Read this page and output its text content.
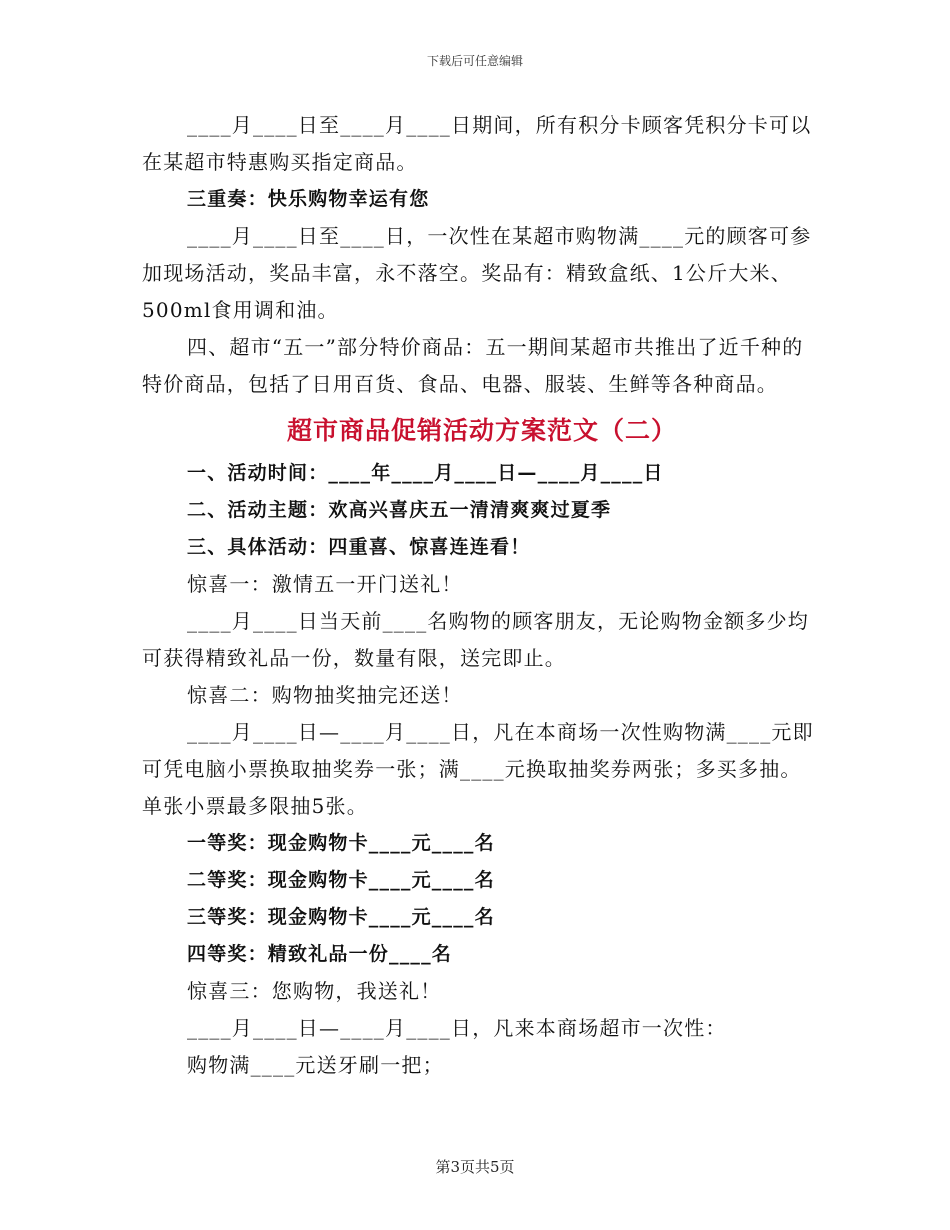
下载后可任意编辑

____月____日至____月____日期间，所有积分卡顾客凭积分卡可以在某超市特惠购买指定商品。

三重奏：快乐购物幸运有您

____月____日至____日，一次性在某超市购物满____元的顾客可参加现场活动，奖品丰富，永不落空。奖品有：精致盒纸、1公斤大米、500ml食用调和油。

四、超市“五一”部分特价商品：五一期间某超市共推出了近千种的特价商品，包括了日用百货、食品、电器、服装、生鲜等各种商品。

超市商品促销活动方案范文（二）

一、活动时间：____年____月____日—____月____日

二、活动主题：欢高兴喜庆五一清清爽爽过夏季

三、具体活动：四重喜、惊喜连连看！

惊喜一：激情五一开门送礼！

____月____日当天前____名购物的顾客朋友，无论购物金额多少均可获得精致礼品一份，数量有限，送完即止。

惊喜二：购物抽奖抽完还送！

____月____日—____月____日，凡在本商场一次性购物满____元即可凭电脑小票换取抽奖券一张；满____元换取抽奖券两张；多买多抽。单张小票最多限抽5张。

一等奖：现金购物卡____元____名

二等奖：现金购物卡____元____名

三等奖：现金购物卡____元____名

四等奖：精致礼品一份____名

惊喜三：您购物，我送礼！

____月____日—____月____日，凡来本商场超市一次性：

购物满____元送牙刷一把；

第3页共5页
